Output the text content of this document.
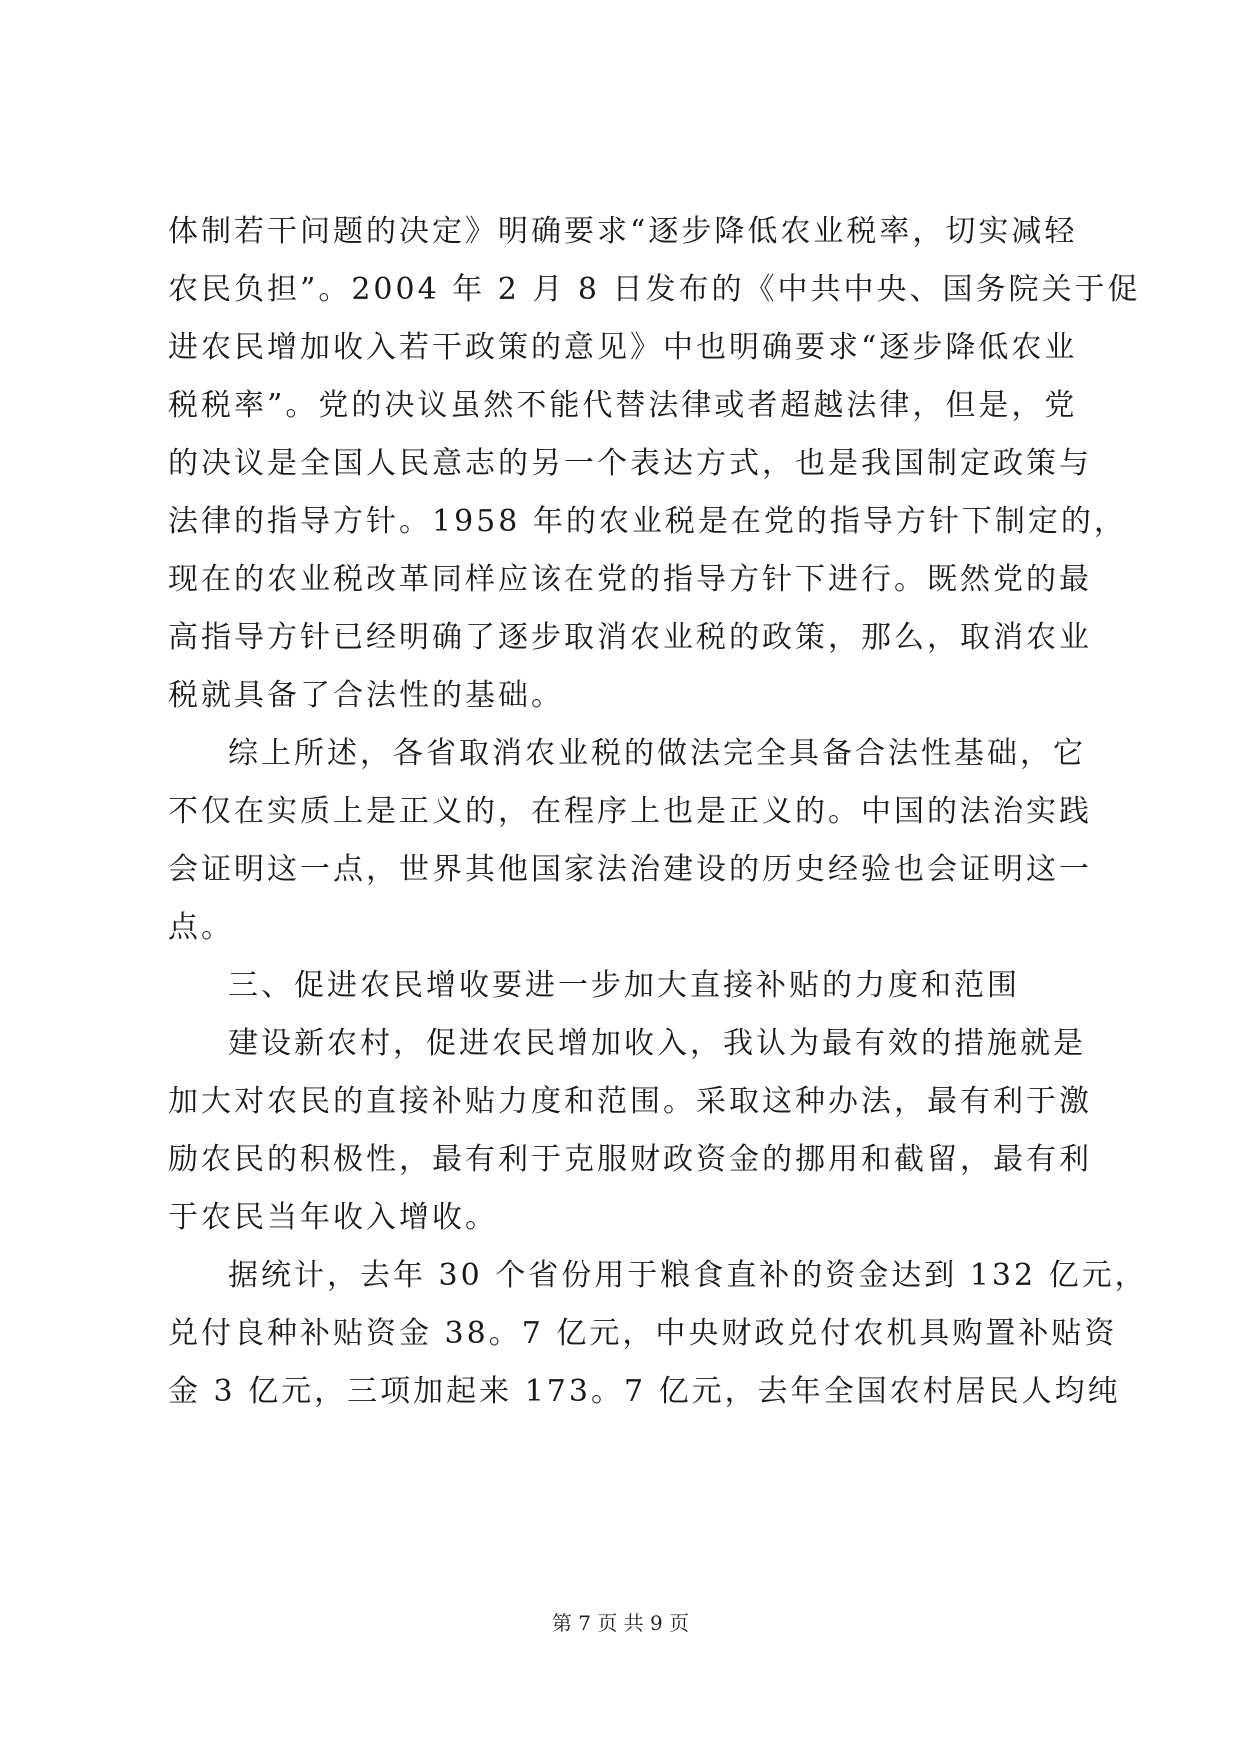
体制若干问题的决定》明确要求“逐步降低农业税率，切实减轻
农民负担”。2004 年 2 月 8 日发布的《中共中央、国务院关于促
进农民增加收入若干政策的意见》中也明确要求“逐步降低农业
税税率”。党的决议虽然不能代替法律或者超越法律，但是，党
的决议是全国人民意志的另一个表达方式，也是我国制定政策与
法律的指导方针。1958 年的农业税是在党的指导方针下制定的，
现在的农业税改革同样应该在党的指导方针下进行。既然党的最
高指导方针已经明确了逐步取消农业税的政策，那么，取消农业
税就具备了合法性的基础。
综上所述，各省取消农业税的做法完全具备合法性基础，它
不仅在实质上是正义的，在程序上也是正义的。中国的法治实践
会证明这一点，世界其他国家法治建设的历史经验也会证明这一
点。
三、促进农民增收要进一步加大直接补贴的力度和范围
建设新农村，促进农民增加收入，我认为最有效的措施就是
加大对农民的直接补贴力度和范围。采取这种办法，最有利于激
励农民的积极性，最有利于克服财政资金的挪用和截留，最有利
于农民当年收入增收。
据统计，去年 30 个省份用于粮食直补的资金达到 132 亿元，
兑付良种补贴资金 38。7 亿元，中央财政兑付农机具购置补贴资
金 3 亿元，三项加起来 173。7 亿元，去年全国农村居民人均纯
第 7 页 共 9 页
